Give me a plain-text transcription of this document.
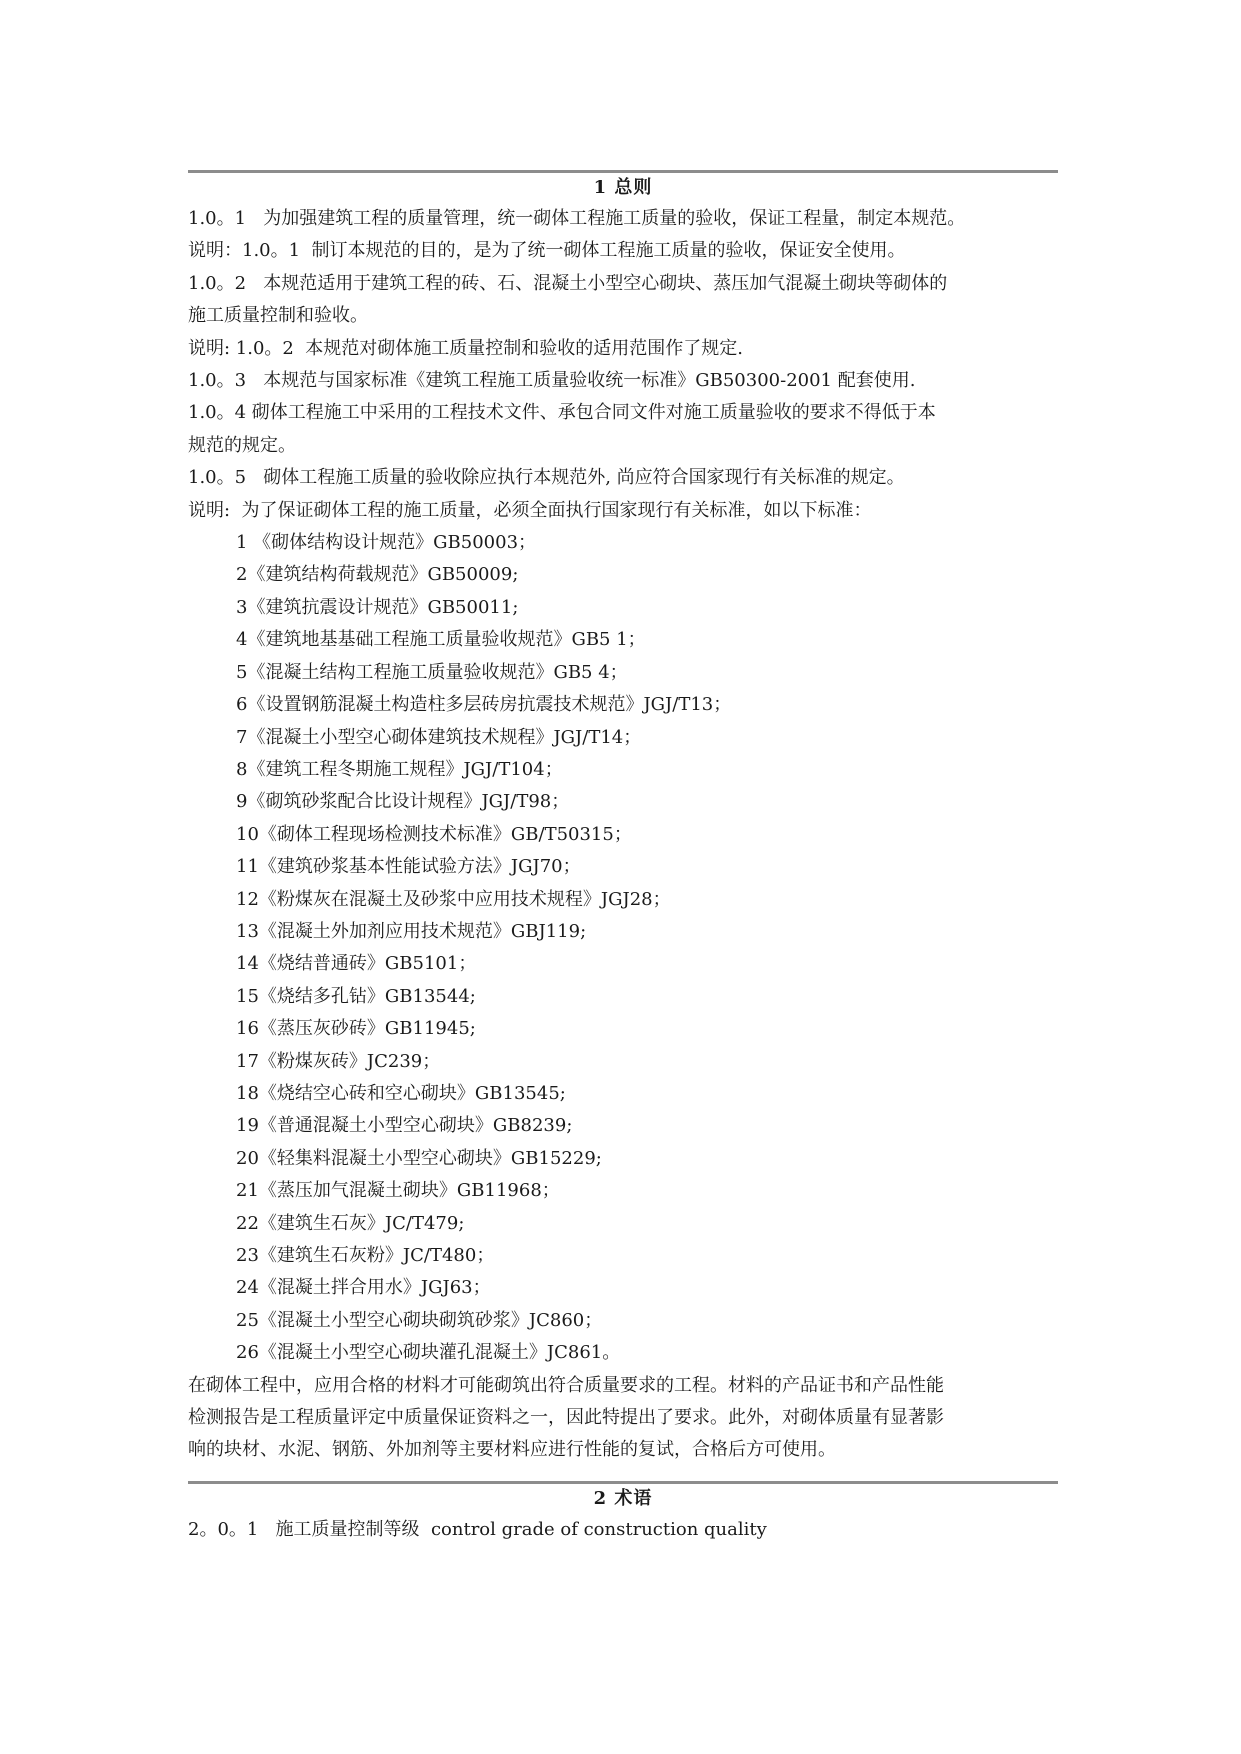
1 总则

1.0。1   为加强建筑工程的质量管理，统一砌体工程施工质量的验收，保证工程量，制定本规范。

说明：1.0。1  制订本规范的目的，是为了统一砌体工程施工质量的验收，保证安全使用。

1.0。2   本规范适用于建筑工程的砖、石、混凝土小型空心砌块、蒸压加气混凝土砌块等砌体的

施工质量控制和验收。

说明: 1.0。2  本规范对砌体施工质量控制和验收的适用范围作了规定.

1.0。3   本规范与国家标准《建筑工程施工质量验收统一标准》GB50300-2001 配套使用.

1.0。4 砌体工程施工中采用的工程技术文件、承包合同文件对施工质量验收的要求不得低于本

规范的规定。

1.0。5   砌体工程施工质量的验收除应执行本规范外, 尚应符合国家现行有关标准的规定。

说明:  为了保证砌体工程的施工质量，必须全面执行国家现行有关标准，如以下标准：

1 《砌体结构设计规范》GB50003；
2《建筑结构荷载规范》GB50009;
3《建筑抗震设计规范》GB50011;
4《建筑地基基础工程施工质量验收规范》GB5 1；
5《混凝土结构工程施工质量验收规范》GB5 4；
6《设置钢筋混凝土构造柱多层砖房抗震技术规范》JGJ/T13；
7《混凝土小型空心砌体建筑技术规程》JGJ/T14；
8《建筑工程冬期施工规程》JGJ/T104；
9《砌筑砂浆配合比设计规程》JGJ/T98；
10《砌体工程现场检测技术标准》GB/T50315；
11《建筑砂浆基本性能试验方法》JGJ70；
12《粉煤灰在混凝土及砂浆中应用技术规程》JGJ28；
13《混凝土外加剂应用技术规范》GBJ119;
14《烧结普通砖》GB5101；
15《烧结多孔钻》GB13544;
16《蒸压灰砂砖》GB11945;
17《粉煤灰砖》JC239；
18《烧结空心砖和空心砌块》GB13545;
19《普通混凝土小型空心砌块》GB8239;
20《轻集料混凝土小型空心砌块》GB15229;
21《蒸压加气混凝土砌块》GB11968；
22《建筑生石灰》JC/T479;
23《建筑生石灰粉》JC/T480；
24《混凝土拌合用水》JGJ63；
25《混凝土小型空心砌块砌筑砂浆》JC860；
26《混凝土小型空心砌块灌孔混凝土》JC861。

在砌体工程中，应用合格的材料才可能砌筑出符合质量要求的工程。材料的产品证书和产品性能

检测报告是工程质量评定中质量保证资料之一，因此特提出了要求。此外，对砌体质量有显著影

响的块材、水泥、钢筋、外加剂等主要材料应进行性能的复试，合格后方可使用。

2 术语

2。0。1   施工质量控制等级  control grade of construction quality
